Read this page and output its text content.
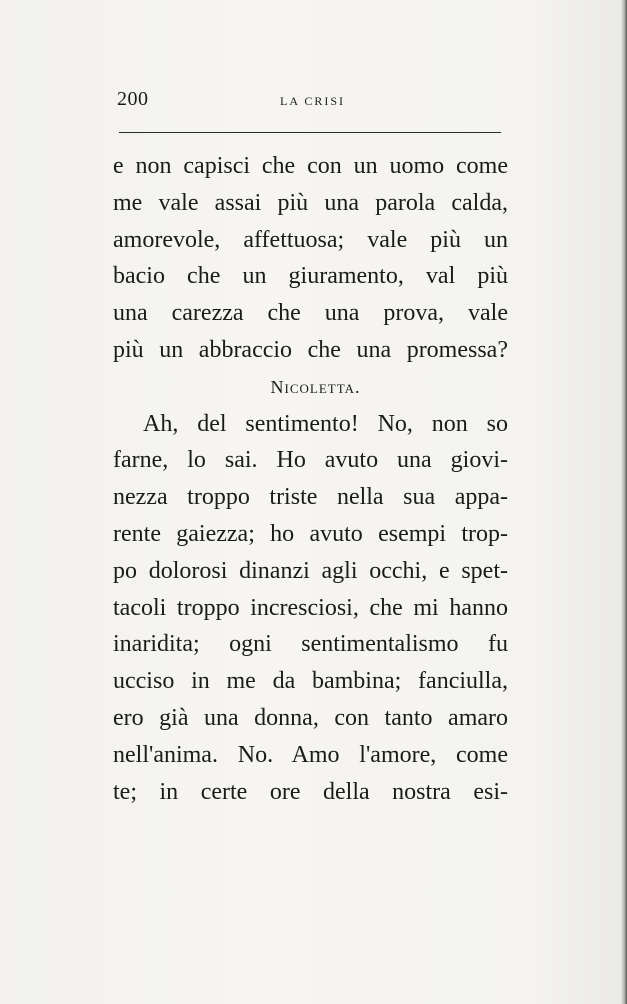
200	LA CRISI
e non capisci che con un uomo come
me vale assai più una parola calda,
amorevole, affettuosa; vale più un
bacio che un giuramento, val più
una carezza che una prova, vale
più un abbraccio che una promessa?
Nicoletta.
Ah, del sentimento! No, non so
farne, lo sai. Ho avuto una giovi-
nezza troppo triste nella sua appa-
rente gaiezza; ho avuto esempi trop-
po dolorosi dinanzi agli occhi, e spet-
tacoli troppo incresciosi, che mi hanno
inaridita; ogni sentimentalismo fu
ucciso in me da bambina; fanciulla,
ero già una donna, con tanto amaro
nell'anima. No. Amo l'amore, come
te; in certe ore della nostra esi-
